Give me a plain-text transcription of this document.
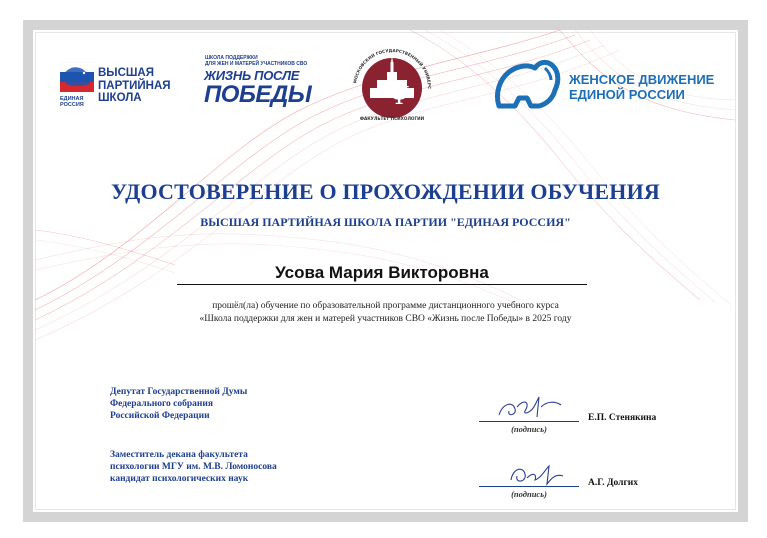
ЕДИНАЯ
РОССИЯ
ВЫСШАЯ
ПАРТИЙНАЯ
ШКОЛА
ШКОЛА ПОДДЕРЖКИ
ДЛЯ ЖЕН И МАТЕРЕЙ УЧАСТНИКОВ СВО
ЖИЗНЬ ПОСЛЕ
ПОБЕДЫ	Ψ
МОСКОВСКИЙ ГОСУДАРСТВЕННЫЙ УНИВЕРС
ФАКУЛЬТЕТ ПСИХОЛОГИИ
ЖЕНСКОЕ ДВИЖЕНИЕ
ЕДИНОЙ РОССИИ
УДОСТОВЕРЕНИЕ О ПРОХОЖДЕНИИ ОБУЧЕНИЯ
ВЫСШАЯ ПАРТИЙНАЯ ШКОЛА ПАРТИИ "ЕДИНАЯ РОССИЯ"
Усова Мария Викторовна
прошёл(ла) обучение по образовательной программе дистанционного учебного курса
«Школа поддержки для жен и матерей участников СВО «Жизнь после Победы» в 2025 году
Депутат Государственной Думы
Федерального собрания
Российской Федерации
(подпись)
Е.П. Стенякина
Заместитель декана факультета
психологии МГУ им. М.В. Ломоносова
кандидат психологических наук
(подпись)
А.Г. Долгих
